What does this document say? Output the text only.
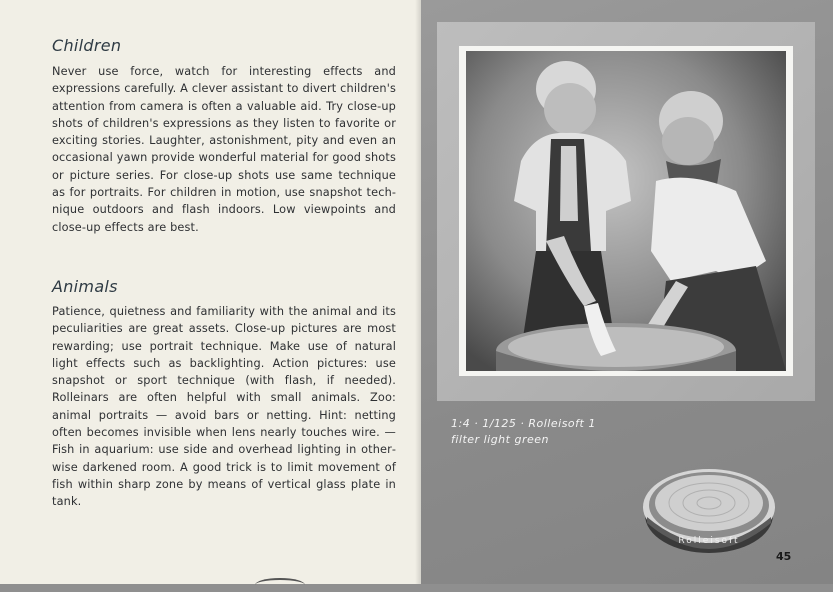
Children

Never use force, watch for interesting effects and expressions carefully. A clever assistant to divert children's attention from camera is often a valuable aid. Try close-up shots of children's expressions as they listen to favorite or exciting stories. Laughter, astonishment, pity and even an occasional yawn provide wonderful material for good shots or picture series. For close-up shots use same technique as for portraits. For children in motion, use snapshot technique outdoors and flash indoors. Low viewpoints and close-up effects are best.

Animals

Patience, quietness and familiarity with the animal and its peculiarities are great assets. Close-up pictures are most rewarding; use portrait technique. Make use of natural light effects such as backlighting. Action pictures: use snapshot or sport technique (with flash, if needed). Rolleinars are often helpful with small animals. Zoo: animal portraits — avoid bars or netting. Hint: netting often becomes invisible when lens nearly touches wire. — Fish in aquarium: use side and overhead lighting in otherwise darkened room. A good trick is to limit movement of fish within sharp zone by means of vertical glass plate in tank.

1:4 · 1/125 · Rolleisoft 1

filter light green

Rolleisoft

45
